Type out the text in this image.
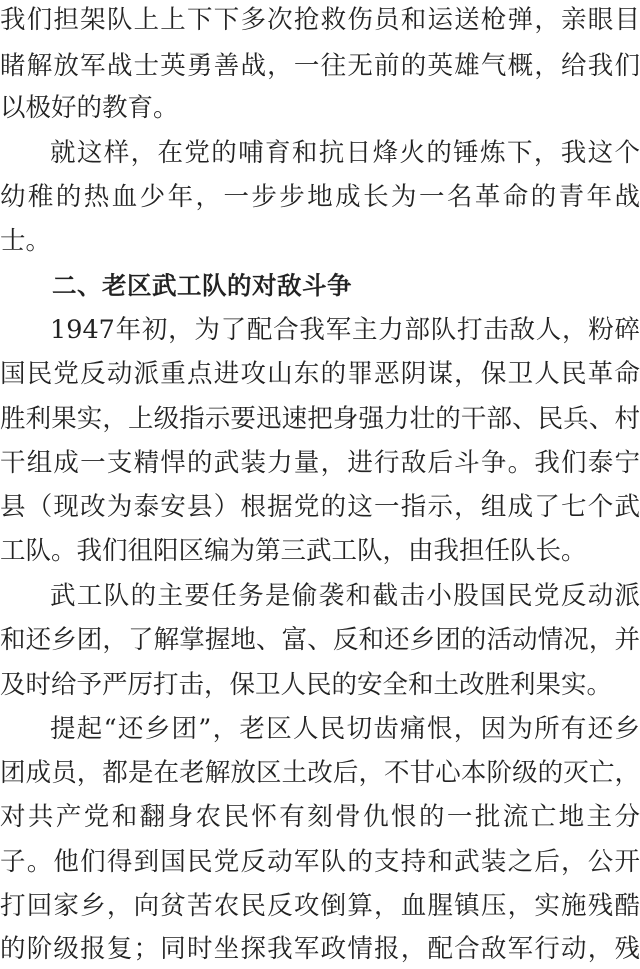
我们担架队上上下下多次抢救伤员和运送枪弹，亲眼目
睹解放军战士英勇善战，一往无前的英雄气概，给我们
以极好的教育。
就这样，在党的哺育和抗日烽火的锤炼下，我这个
幼稚的热血少年，一步步地成长为一名革命的青年战
士。
二、老区武工队的对敌斗争
1947年初，为了配合我军主力部队打击敌人，粉碎
国民党反动派重点进攻山东的罪恶阴谋，保卫人民革命
胜利果实，上级指示要迅速把身强力壮的干部、民兵、村
干组成一支精悍的武装力量，进行敌后斗争。我们泰宁
县（现改为泰安县）根据党的这一指示，组成了七个武
工队。我们徂阳区编为第三武工队，由我担任队长。
武工队的主要任务是偷袭和截击小股国民党反动派
和还乡团，了解掌握地、富、反和还乡团的活动情况，并
及时给予严厉打击，保卫人民的安全和土改胜利果实。
提起“还乡团”，老区人民切齿痛恨，因为所有还乡
团成员，都是在老解放区土改后，不甘心本阶级的灭亡，
对共产党和翻身农民怀有刻骨仇恨的一批流亡地主分
子。他们得到国民党反动军队的支持和武装之后，公开
打回家乡，向贫苦农民反攻倒算，血腥镇压，实施残酷
的阶级报复；同时坐探我军政情报，配合敌军行动，残
